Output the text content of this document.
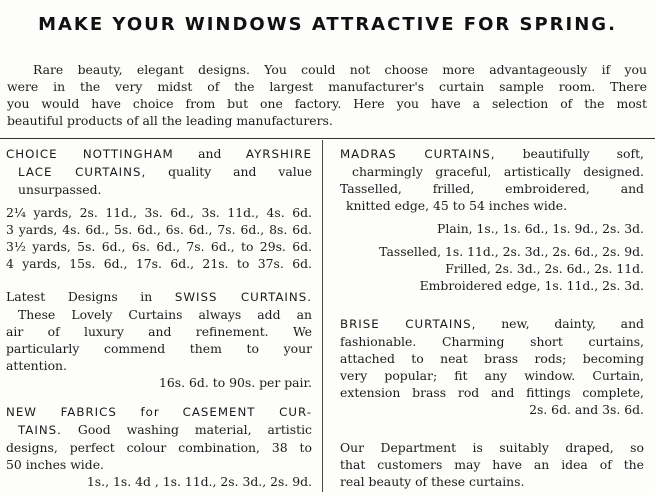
MAKE YOUR WINDOWS ATTRACTIVE FOR SPRING.
Rare beauty, elegant designs. You could not choose more advantageously if you
were in the very midst of the largest manufacturer's curtain sample room. There
you would have choice from but one factory. Here you have a selection of the most
beautiful products of all the leading manufacturers.
CHOICE NOTTINGHAM and AYRSHIRE
LACE CURTAINS, quality and value
unsurpassed.
2¼ yards, 2s. 11d., 3s. 6d., 3s. 11d., 4s. 6d.
3 yards, 4s. 6d., 5s. 6d., 6s. 6d., 7s. 6d., 8s. 6d.
3½ yards, 5s. 6d., 6s. 6d., 7s. 6d., to 29s. 6d.
4 yards, 15s. 6d., 17s. 6d., 21s. to 37s. 6d.
Latest Designs in SWISS CURTAINS.
These Lovely Curtains always add an
air of luxury and refinement. We
particularly commend them to your
attention.
16s. 6d. to 90s. per pair.
NEW FABRICS for CASEMENT CUR-
TAINS. Good washing material, artistic
designs, perfect colour combination, 38 to
50 inches wide.
1s., 1s. 4d , 1s. 11d., 2s. 3d., 2s. 9d.
MADRAS CURTAINS, beautifully soft,
charmingly graceful, artistically designed.
Tasselled, frilled, embroidered, and
knitted edge, 45 to 54 inches wide.
Plain, 1s., 1s. 6d., 1s. 9d., 2s. 3d.
Tasselled, 1s. 11d., 2s. 3d., 2s. 6d., 2s. 9d.
Frilled, 2s. 3d., 2s. 6d., 2s. 11d.
Embroidered edge, 1s. 11d., 2s. 3d.
BRISE CURTAINS, new, dainty, and
fashionable. Charming short curtains,
attached to neat brass rods; becoming
very popular; fit any window. Curtain,
extension brass rod and fittings complete,
2s. 6d. and 3s. 6d.
Our Department is suitably draped, so
that customers may have an idea of the
real beauty of these curtains.
